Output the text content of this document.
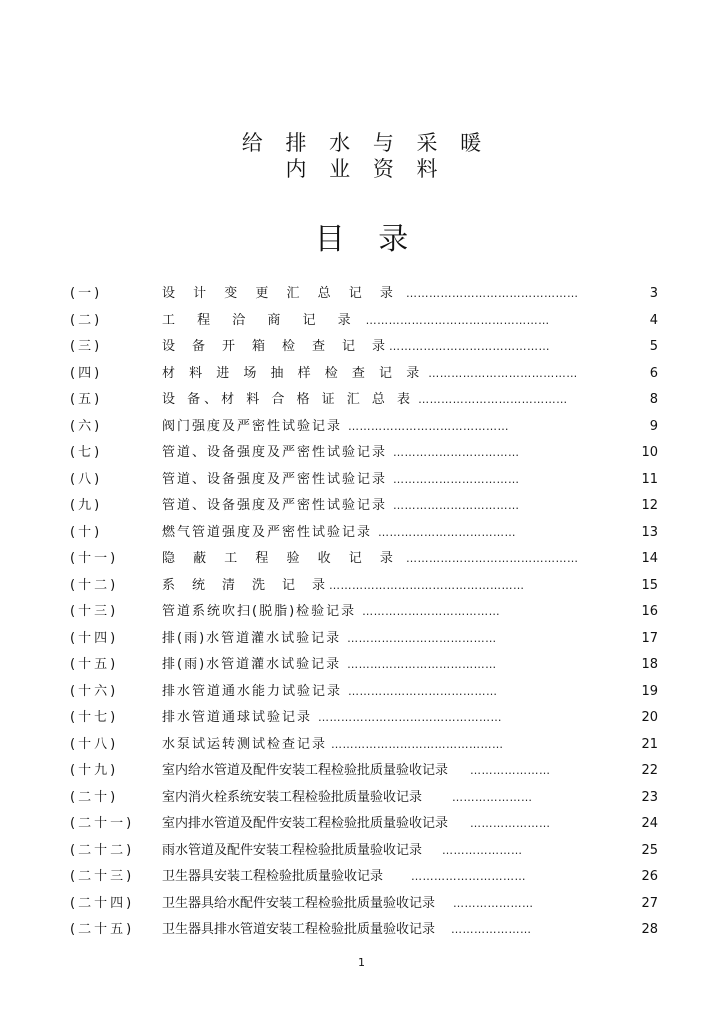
给 排 水 与 采 暖
内 业 资 料
目 录
(一)	设 计 变 更 汇 总 记 录 ………………………………………	3
(二)	工 程 洽 商 记 录 …………………………………………	4
(三)	设　备　开　箱　检　查　记　录 ……………………………………	5
(四)	材 料 进 场 抽 样 检 查 记 录 …………………………………	6
(五)	设 备、材 料 合 格 证 汇 总 表 …………………………………	8
(六)	阀门强度及严密性试验记录 ……………………………………	9
(七)	管道、设备强度及严密性试验记录 ……………………………	10
(八)	管道、设备强度及严密性试验记录 ……………………………	11
(九)	管道、设备强度及严密性试验记录 ……………………………	12
(十)	燃气管道强度及严密性试验记录 ………………………………	13
(十一)	隐 蔽 工 程 验 收 记 录 ………………………………………	14
(十二)	系　统　清　洗　记　录 ……………………………………………	15
(十三)	管道系统吹扫(脱脂)检验记录 ………………………………	16
(十四)	排(雨)水管道灌水试验记录 …………………………………	17
(十五)	排(雨)水管道灌水试验记录 …………………………………	18
(十六)	排水管道通水能力试验记录 …………………………………	19
(十七)	排水管道通球试验记录 …………………………………………	20
(十八)	水泵试运转测试检查记录 ………………………………………	21
(十九)	室内给水管道及配件安装工程检验批质量验收记录 …………………	22
(二十)	室内消火栓系统安装工程检验批质量验收记录	…………………	23
(二十一)	室内排水管道及配件安装工程检验批质量验收记录 …………………	24
(二十二)	雨水管道及配件安装工程检验批质量验收记录 …………………	25
(二十三)	卫生器具安装工程检验批质量验收记录	…………………………	26
(二十四)	卫生器具给水配件安装工程检验批质量验收记录 …………………	27
(二十五)	卫生器具排水管道安装工程检验批质量验收记录 …………………	28
1
